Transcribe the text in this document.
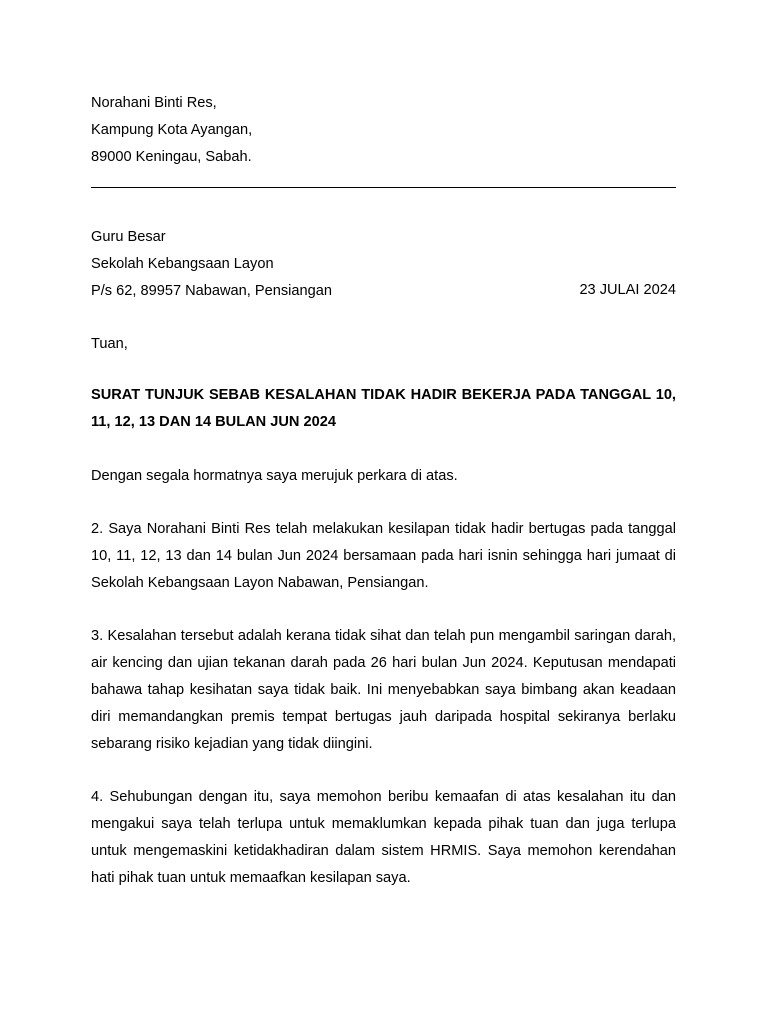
Norahani Binti Res,
Kampung Kota Ayangan,
89000 Keningau, Sabah.
Guru Besar
Sekolah Kebangsaan Layon
P/s 62, 89957 Nabawan, Pensiangan	23 JULAI 2024
Tuan,
SURAT TUNJUK SEBAB KESALAHAN TIDAK HADIR BEKERJA PADA TANGGAL 10, 11, 12, 13 DAN 14 BULAN JUN 2024
Dengan segala hormatnya saya merujuk perkara di atas.
2. Saya Norahani Binti Res telah melakukan kesilapan tidak hadir bertugas pada tanggal 10, 11, 12, 13 dan 14 bulan Jun 2024 bersamaan pada hari isnin sehingga hari jumaat di Sekolah Kebangsaan Layon Nabawan, Pensiangan.
3. Kesalahan tersebut adalah kerana tidak sihat dan telah pun mengambil saringan darah, air kencing dan ujian tekanan darah pada 26 hari bulan Jun 2024. Keputusan mendapati bahawa tahap kesihatan saya tidak baik. Ini menyebabkan saya bimbang akan keadaan diri memandangkan premis tempat bertugas jauh daripada hospital sekiranya berlaku sebarang risiko kejadian yang tidak diingini.
4. Sehubungan dengan itu, saya memohon beribu kemaafan di atas kesalahan itu dan mengakui saya telah terlupa untuk memaklumkan kepada pihak tuan dan juga terlupa untuk mengemaskini ketidakhadiran dalam sistem HRMIS. Saya memohon kerendahan hati pihak tuan untuk memaafkan kesilapan saya.
